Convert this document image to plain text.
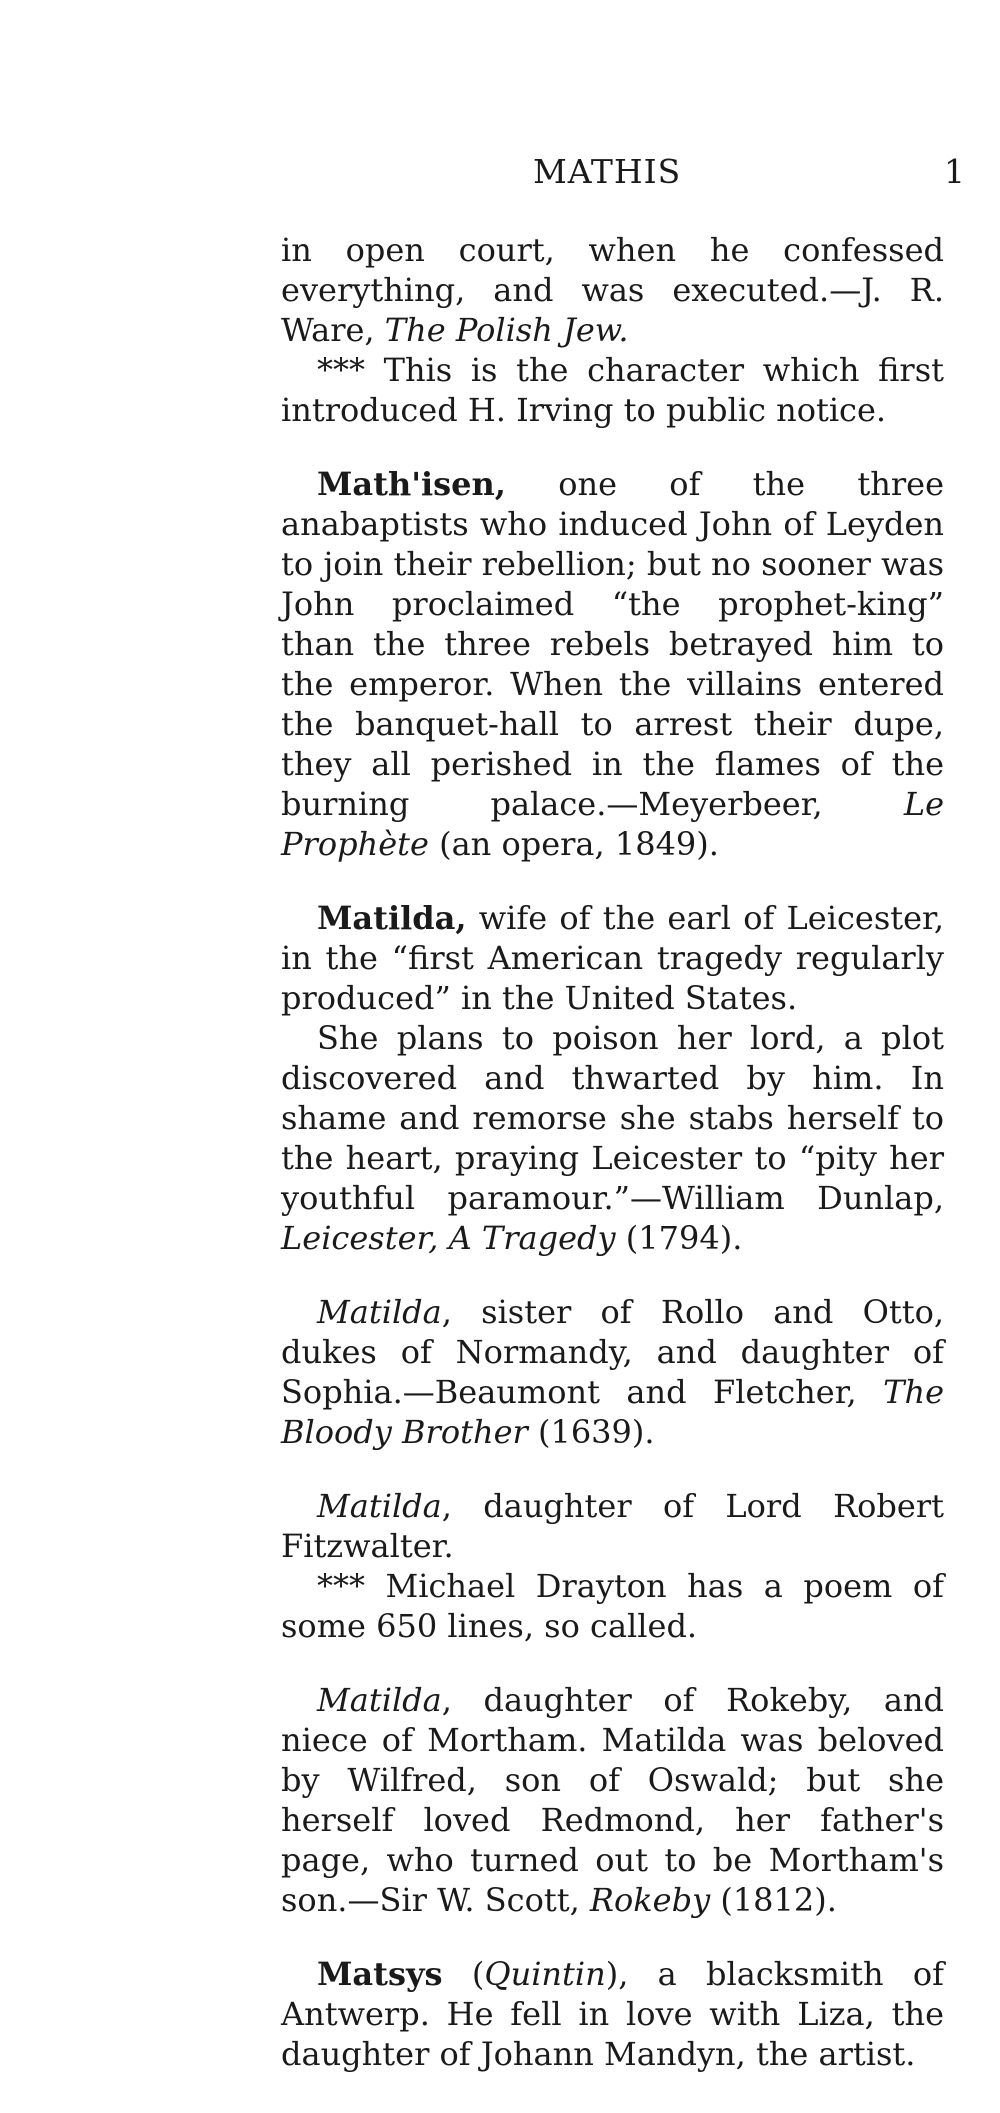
MATHIS	1

in open court, when he confessed everything, and was executed.—J. R. Ware, The Polish Jew.

*** This is the character which first introduced H. Irving to public notice.

Math'isen, one of the three anabaptists who induced John of Leyden to join their rebellion; but no sooner was John proclaimed “the prophet-king” than the three rebels betrayed him to the emperor. When the villains entered the banquet-hall to arrest their dupe, they all perished in the flames of the burning palace.—Meyerbeer, Le Prophète (an opera, 1849).

Matilda, wife of the earl of Leicester, in the “first American tragedy regularly produced” in the United States.

She plans to poison her lord, a plot discovered and thwarted by him. In shame and remorse she stabs herself to the heart, praying Leicester to “pity her youthful paramour.”—William Dunlap, Leicester, A Tragedy (1794).

Matilda, sister of Rollo and Otto, dukes of Normandy, and daughter of Sophia.—Beaumont and Fletcher, The Bloody Brother (1639).

Matilda, daughter of Lord Robert Fitzwalter.

*** Michael Drayton has a poem of some 650 lines, so called.

Matilda, daughter of Rokeby, and niece of Mortham. Matilda was beloved by Wilfred, son of Oswald; but she herself loved Redmond, her father's page, who turned out to be Mortham's son.—Sir W. Scott, Rokeby (1812).

Matsys (Quintin), a blacksmith of Antwerp. He fell in love with Liza, the daughter of Johann Mandyn, the artist.
